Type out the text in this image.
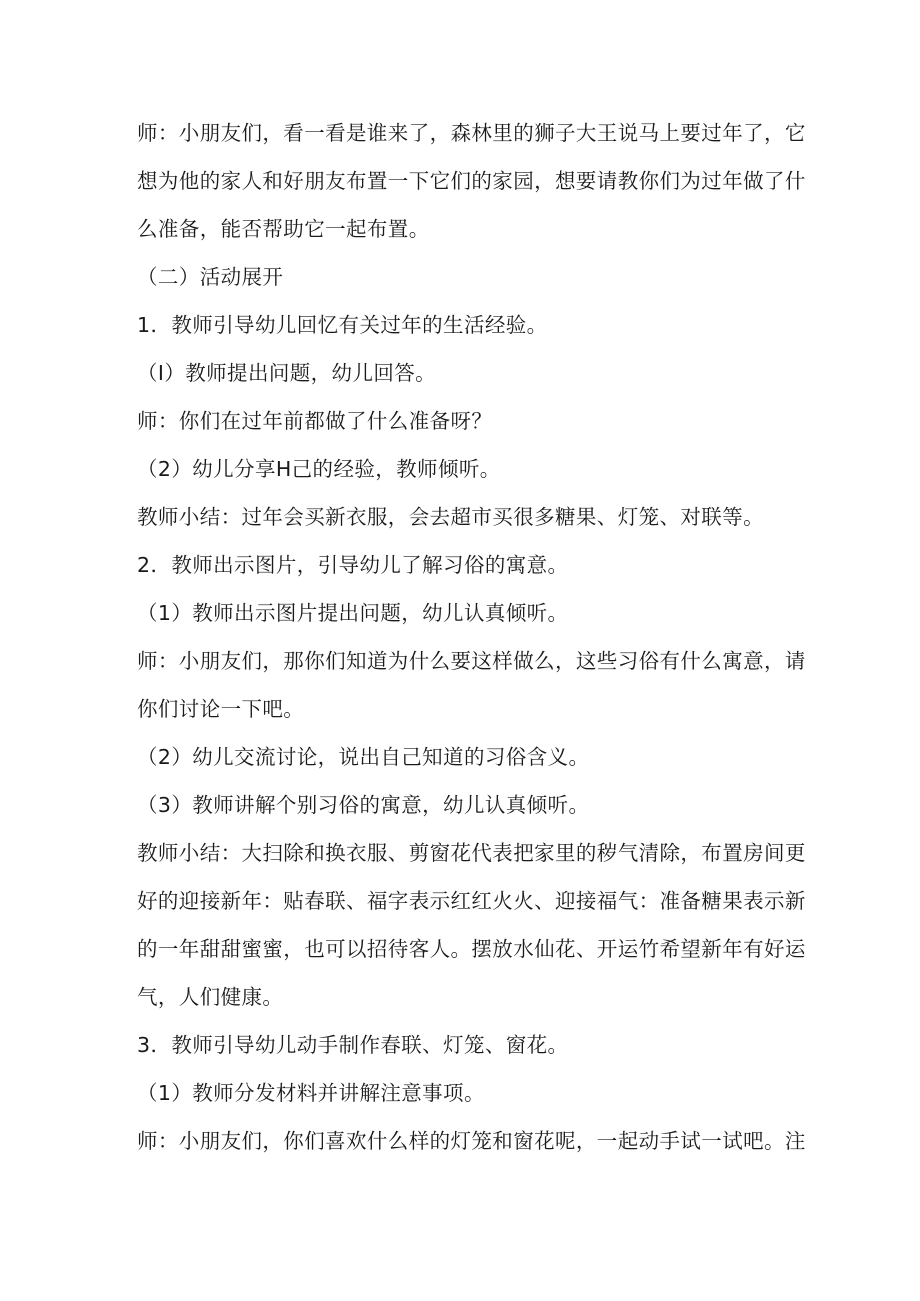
师：小朋友们，看一看是谁来了，森林里的狮子大王说马上要过年了，它
想为他的家人和好朋友布置一下它们的家园，想要请教你们为过年做了什
么准备，能否帮助它一起布置。
（二）活动展开
1．教师引导幼儿回忆有关过年的生活经验。
（I）教师提出问题，幼儿回答。
师：你们在过年前都做了什么准备呀？
（2）幼儿分享H己的经验，教师倾听。
教师小结：过年会买新衣服，会去超市买很多糖果、灯笼、对联等。
2．教师出示图片，引导幼儿了解习俗的寓意。
（1）教师出示图片提出问题，幼儿认真倾听。
师：小朋友们，那你们知道为什么要这样做么，这些习俗有什么寓意，请
你们讨论一下吧。
（2）幼儿交流讨论，说出自己知道的习俗含义。
（3）教师讲解个别习俗的寓意，幼儿认真倾听。
教师小结：大扫除和换衣服、剪窗花代表把家里的秽气清除，布置房间更
好的迎接新年：贴春联、福字表示红红火火、迎接福气：准备糖果表示新
的一年甜甜蜜蜜，也可以招待客人。摆放水仙花、开运竹希望新年有好运
气，人们健康。
3．教师引导幼儿动手制作春联、灯笼、窗花。
（1）教师分发材料并讲解注意事项。
师：小朋友们，你们喜欢什么样的灯笼和窗花呢，一起动手试一试吧。注
